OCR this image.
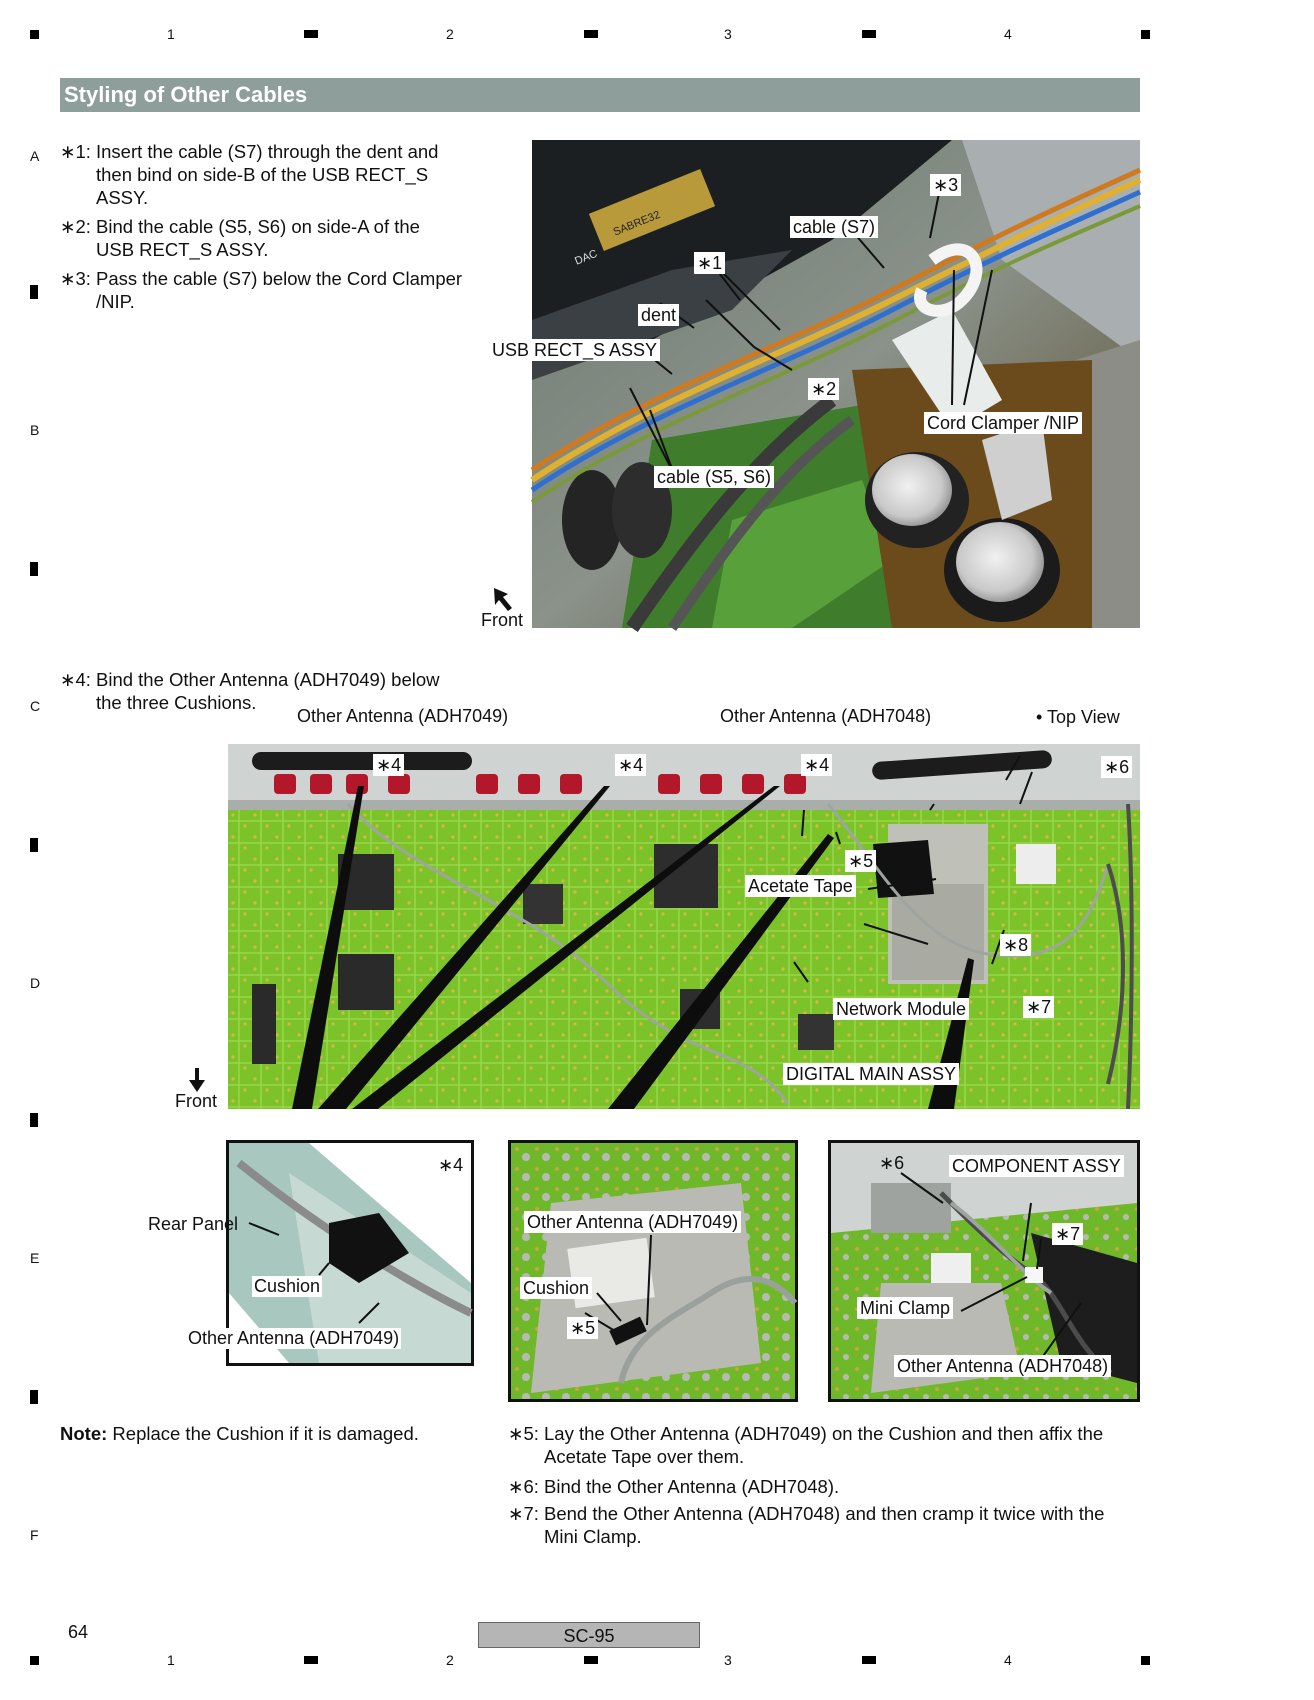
1	2	3	4
A
B
C
D
E
F
Styling of Other Cables
∗1: Insert the cable (S7) through the dent and
then bind on side-B of the USB RECT_S
ASSY.
∗2: Bind the cable (S5, S6) on side-A of the
USB RECT_S ASSY.
∗3: Pass the cable (S7) below the Cord Clamper
/NIP.
SABRE32
DAC
∗3
cable (S7)
∗1
dent
∗2
Cord Clamper /NIP
cable (S5, S6)
USB RECT_S ASSY
Front
∗4: Bind the Other Antenna (ADH7049) below
the three Cushions.
Other Antenna (ADH7049)	Other Antenna (ADH7048)	• Top View
∗4	∗4	∗4	∗6
∗5
Acetate Tape
∗8
Network Module	∗7
DIGITAL MAIN ASSY
Front
∗4
Cushion
Other Antenna (ADH7049)
Rear Panel	Other Antenna (ADH7049)
Cushion
∗5
∗6	COMPONENT ASSY
∗7
Mini Clamp
Other Antenna (ADH7048)
Note: Replace the Cushion if it is damaged.	∗5: Lay the Other Antenna (ADH7049) on the Cushion and then affix the
Acetate Tape over them.
∗6: Bind the Other Antenna (ADH7048).
∗7: Bend the Other Antenna (ADH7048) and then cramp it twice with the
Mini Clamp.
64	SC-95
1	2	3	4
